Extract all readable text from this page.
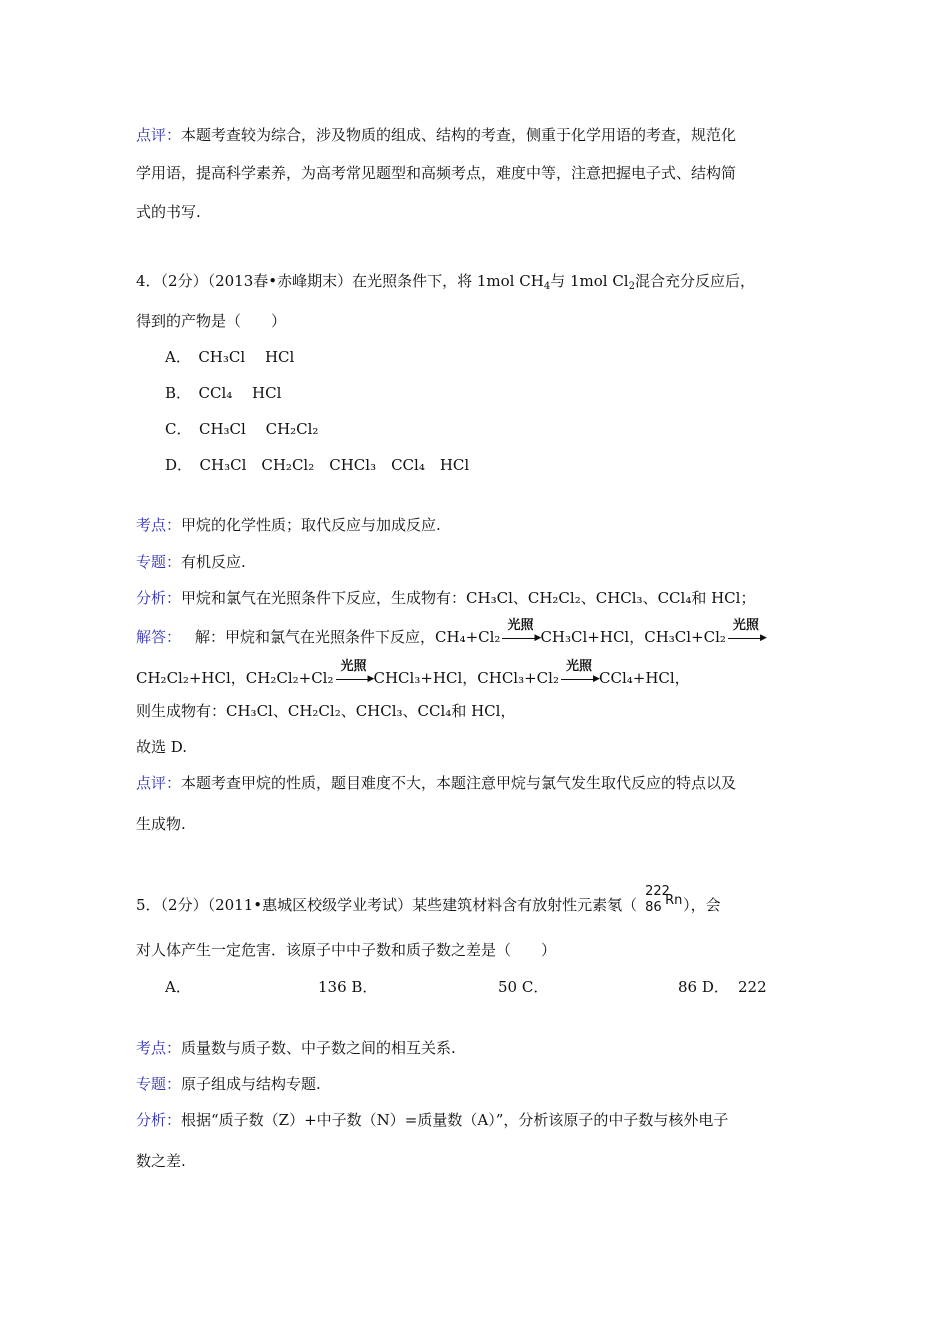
点评：本题考查较为综合，涉及物质的组成、结构的考查，侧重于化学用语的考查，规范化
学用语，提高科学素养，为高考常见题型和高频考点，难度中等，注意把握电子式、结构简
式的书写.
4．（2分）（2013春•赤峰期末）在光照条件下，将 1mol $CH_4$与 1mol $Cl_2$混合充分反应后，
得到的产物是（　　）
A．　CH₃Cl　 HCl
B．　CCl₄　 HCl
C．　CH₃Cl　 CH₂Cl₂
D．　CH₃Cl　CH₂Cl₂　CHCl₃　CCl₄　HCl
考点：甲烷的化学性质；取代反应与加成反应.
专题：有机反应.
分析：甲烷和氯气在光照条件下反应，生成物有：CH₃Cl、CH₂Cl₂、CHCl₃、CCl₄和 HCl；
解答： 解：甲烷和氯气在光照条件下反应，CH₄+Cl₂
光照
▶ CH₃Cl+HCl，CH₃Cl+Cl₂
光照
▶
CH₂Cl₂+HCl，CH₂Cl₂+Cl₂
光照
▶ CHCl₃+HCl，CHCl₃+Cl₂
光照
▶ CCl₄+HCl，
则生成物有：CH₃Cl、CH₂Cl₂、CHCl₃、CCl₄和 HCl，
故选 D.
点评：本题考查甲烷的性质，题目难度不大，本题注意甲烷与氯气发生取代反应的特点以及
生成物.
5．（2分）（2011•惠城区校级学业考试）某些建筑材料含有放射性元素氡（
222
86 Rn ），会
对人体产生一定危害．该原子中中子数和质子数之差是（　　）
A．	136 B．	50 C．	86 D． 222
考点：质量数与质子数、中子数之间的相互关系.
专题：原子组成与结构专题.
分析：根据“质子数（Z）+中子数（N）=质量数（A）”，分析该原子的中子数与核外电子
数之差.
